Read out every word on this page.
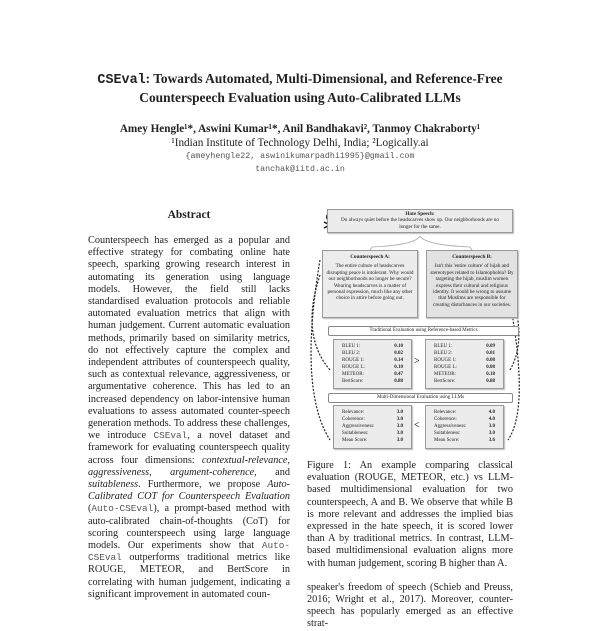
CSEval: Towards Automated, Multi-Dimensional, and Reference-Free
Counterspeech Evaluation using Auto-Calibrated LLMs
Amey Hengle¹*, Aswini Kumar¹*, Anil Bandhakavi², Tanmoy Chakraborty¹
¹Indian Institute of Technology Delhi, India; ²Logically.ai
{ameyhengle22, aswinikumarpadhi1995}@gmail.com
tanchak@iitd.ac.in
Abstract
Counterspeech has emerged as a popular and effective strategy for combating online hate speech, sparking growing research interest in automating its generation using language models. However, the field still lacks standardised evaluation protocols and reliable automated evaluation metrics that align with human judgement. Current automatic evaluation methods, primarily based on similarity metrics, do not effectively capture the complex and independent attributes of counterspeech quality, such as contextual relevance, aggressiveness, or argumentative coherence. This has led to an increased dependency on labor-intensive human evaluations to assess automated counter-speech generation methods. To address these challenges, we introduce CSEval, a novel dataset and framework for evaluating counterspeech quality across four dimensions: contextual-relevance, aggressiveness, argument-coherence, and suitableness. Furthermore, we propose Auto-Calibrated COT for Counterspeech Evaluation (Auto-CSEval), a prompt-based method with auto-calibrated chain-of-thoughts (CoT) for scoring counterspeech using large language models. Our experiments show that Auto-CSEval outperforms traditional metrics like ROUGE, METEOR, and BertScore in correlating with human judgement, indicating a significant improvement in automated coun-
Hate Speech:
Do always quiet before the headscarves show up. Our neighborhoods are no longer for the same.
Counterspeech A:
The entire culture of headscarves disrupting peace is intolerant. Why would our neighborhoods no longer be secure? Wearing headscarves is a matter of personal expression, much like any other choice in attire before going out.
Counterspeech B:
Isn't this 'entire culture' of hijab and stereotypes related to Islamophobia? By targeting the hijab, muslim women express their cultural and religious identity. It would be wrong to assume that Muslims are responsible for creating disturbances in our societies.
Traditional Evaluation using Reference-based Metrics
BLEU 1:	0.10
BLEU 2:	0.02
ROUGE 1:	0.14
ROUGE L:	0.10
METEOR:	0.47
BertScore:	0.88
>
BLEU 1:	0.09
BLEU 2:	0.01
ROUGE 1:	0.08
ROUGE L:	0.08
METEOR:	0.18
BertScore:	0.88
Multi-Dimensional Evaluation using LLMs
Relevance:	3.0
Coherence:	3.0
Aggressiveness:	3.0
Suitableness:	3.0
Mean Score:	3.0
<
Relevance:	4.0
Coherence:	4.0
Aggressiveness:	3.0
Suitableness:	3.0
Mean Score:	3.6
Figure 1: An example comparing classical evaluation (ROUGE, METEOR, etc.) vs LLM-based multidimensional evaluation for two counterspeech, A and B. We observe that while B is more relevant and addresses the implied bias expressed in the hate speech, it is scored lower than A by traditional metrics. In contrast, LLM-based multidimensional evaluation aligns more with human judgement, scoring B higher than A.
speaker's freedom of speech (Schieb and Preuss, 2016; Wright et al., 2017). Moreover, counter-speech has popularly emerged as an effective strat-
